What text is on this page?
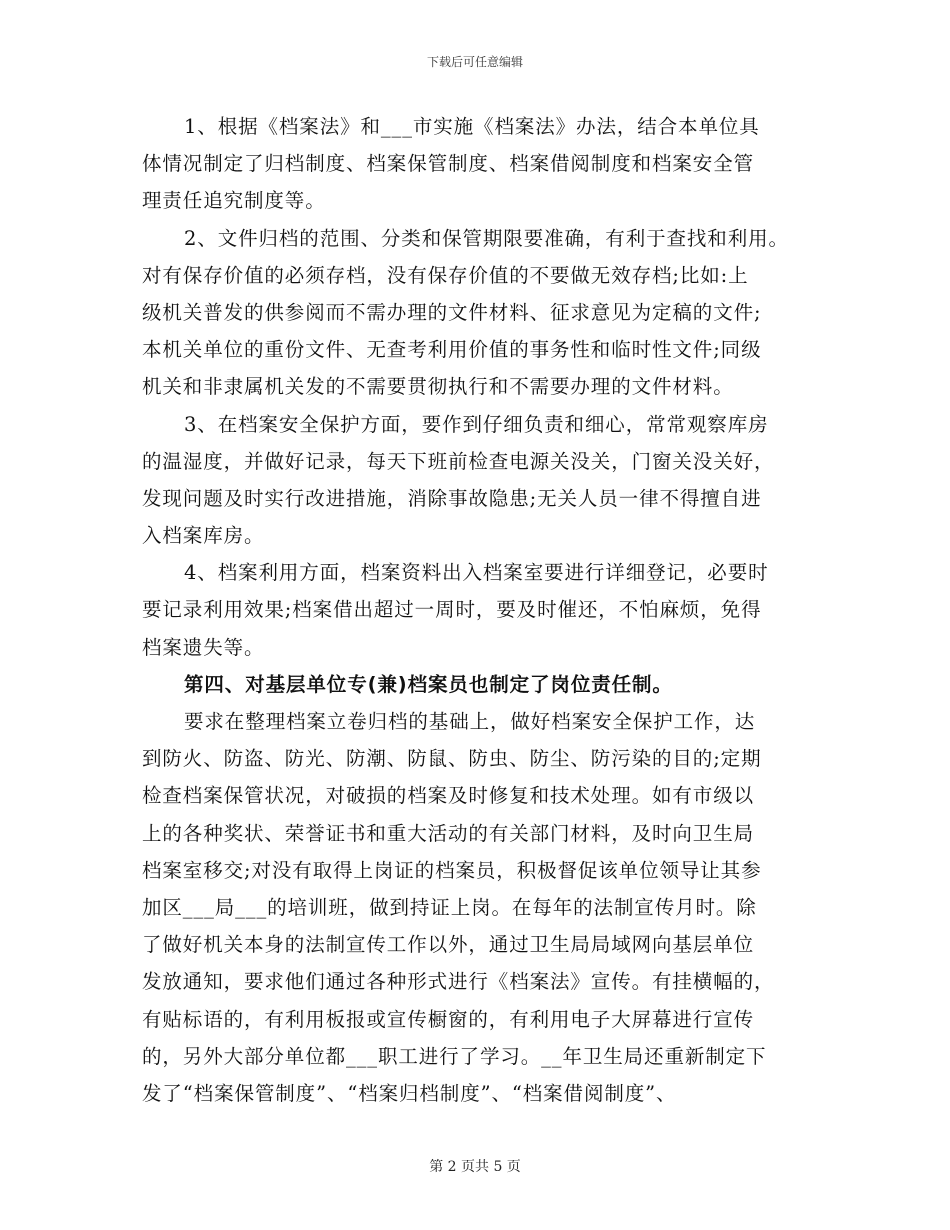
下载后可任意编辑
1、根据《档案法》和___市实施《档案法》办法，结合本单位具
体情况制定了归档制度、档案保管制度、档案借阅制度和档案安全管
理责任追究制度等。
2、文件归档的范围、分类和保管期限要准确，有利于查找和利用。
对有保存价值的必须存档，没有保存价值的不要做无效存档;比如:上
级机关普发的供参阅而不需办理的文件材料、征求意见为定稿的文件;
本机关单位的重份文件、无查考利用价值的事务性和临时性文件;同级
机关和非隶属机关发的不需要贯彻执行和不需要办理的文件材料。
3、在档案安全保护方面，要作到仔细负责和细心，常常观察库房
的温湿度，并做好记录，每天下班前检查电源关没关，门窗关没关好，
发现问题及时实行改进措施，消除事故隐患;无关人员一律不得擅自进
入档案库房。
4、档案利用方面，档案资料出入档案室要进行详细登记，必要时
要记录利用效果;档案借出超过一周时，要及时催还，不怕麻烦，免得
档案遗失等。
第四、对基层单位专(兼)档案员也制定了岗位责任制。
要求在整理档案立卷归档的基础上，做好档案安全保护工作，达
到防火、防盗、防光、防潮、防鼠、防虫、防尘、防污染的目的;定期
检查档案保管状况，对破损的档案及时修复和技术处理。如有市级以
上的各种奖状、荣誉证书和重大活动的有关部门材料，及时向卫生局
档案室移交;对没有取得上岗证的档案员，积极督促该单位领导让其参
加区___局___的培训班，做到持证上岗。在每年的法制宣传月时。除
了做好机关本身的法制宣传工作以外，通过卫生局局域网向基层单位
发放通知，要求他们通过各种形式进行《档案法》宣传。有挂横幅的，
有贴标语的，有利用板报或宣传橱窗的，有利用电子大屏幕进行宣传
的，另外大部分单位都___职工进行了学习。__年卫生局还重新制定下
发了“档案保管制度”、“档案归档制度”、“档案借阅制度”、
第 2 页共 5 页
